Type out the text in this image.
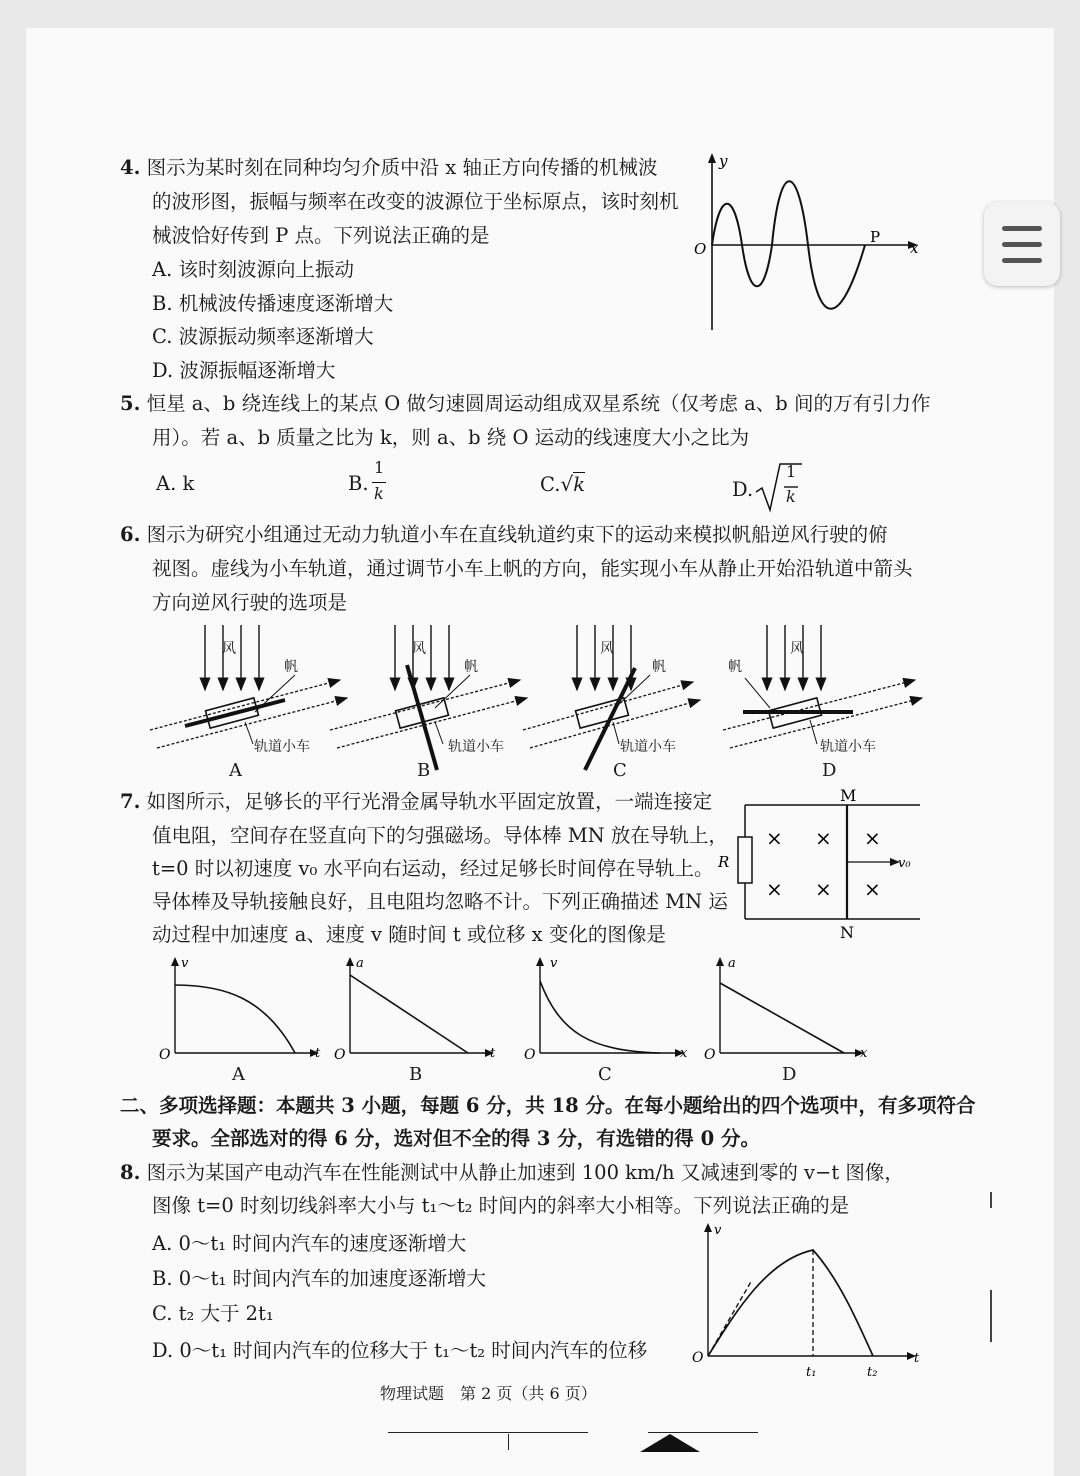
4. 图示为某时刻在同种均匀介质中沿 x 轴正方向传播的机械波
的波形图，振幅与频率在改变的波源位于坐标原点，该时刻机
械波恰好传到 P 点。下列说法正确的是
A. 该时刻波源向上振动
B. 机械波传播速度逐渐增大
C. 波源振动频率逐渐增大
D. 波源振幅逐渐增大
y
x
O
P
5. 恒星 a、b 绕连线上的某点 O 做匀速圆周运动组成双星系统（仅考虑 a、b 间的万有引力作
用）。若 a、b 质量之比为 k，则 a、b 绕 O 运动的线速度大小之比为
A. k	B.
1
k	C.√k	D.
1
k
6. 图示为研究小组通过无动力轨道小车在直线轨道约束下的运动来模拟帆船逆风行驶的俯
视图。虚线为小车轨道，通过调节小车上帆的方向，能实现小车从静止开始沿轨道中箭头
方向逆风行驶的选项是
风	风	风	风
帆	帆	帆	帆
轨道小车	轨道小车	轨道小车	轨道小车
A	B	C	D
7. 如图所示，足够长的平行光滑金属导轨水平固定放置，一端连接定
值电阻，空间存在竖直向下的匀强磁场。导体棒 MN 放在导轨上，
t=0 时以初速度 v₀ 水平向右运动，经过足够长时间停在导轨上。
导体棒及导轨接触良好，且电阻均忽略不计。下列正确描述 MN 运
动过程中加速度 a、速度 v 随时间 t 或位移 x 变化的图像是
M
N
R	v₀
× × ×
× × ×
v
t
O
a
t
O
v
x
O
a
x
O
A	B	C	D
二、多项选择题：本题共 3 小题，每题 6 分，共 18 分。在每小题给出的四个选项中，有多项符合
要求。全部选对的得 6 分，选对但不全的得 3 分，有选错的得 0 分。
8. 图示为某国产电动汽车在性能测试中从静止加速到 100 km/h 又减速到零的 v−t 图像，
图像 t=0 时刻切线斜率大小与 t₁～t₂ 时间内的斜率大小相等。下列说法正确的是
A. 0～t₁ 时间内汽车的速度逐渐增大
B. 0～t₁ 时间内汽车的加速度逐渐增大
C. t₂ 大于 2t₁
D. 0～t₁ 时间内汽车的位移大于 t₁～t₂ 时间内汽车的位移
v
t
O
t₁	t₂
物理试题　第 2 页（共 6 页）
